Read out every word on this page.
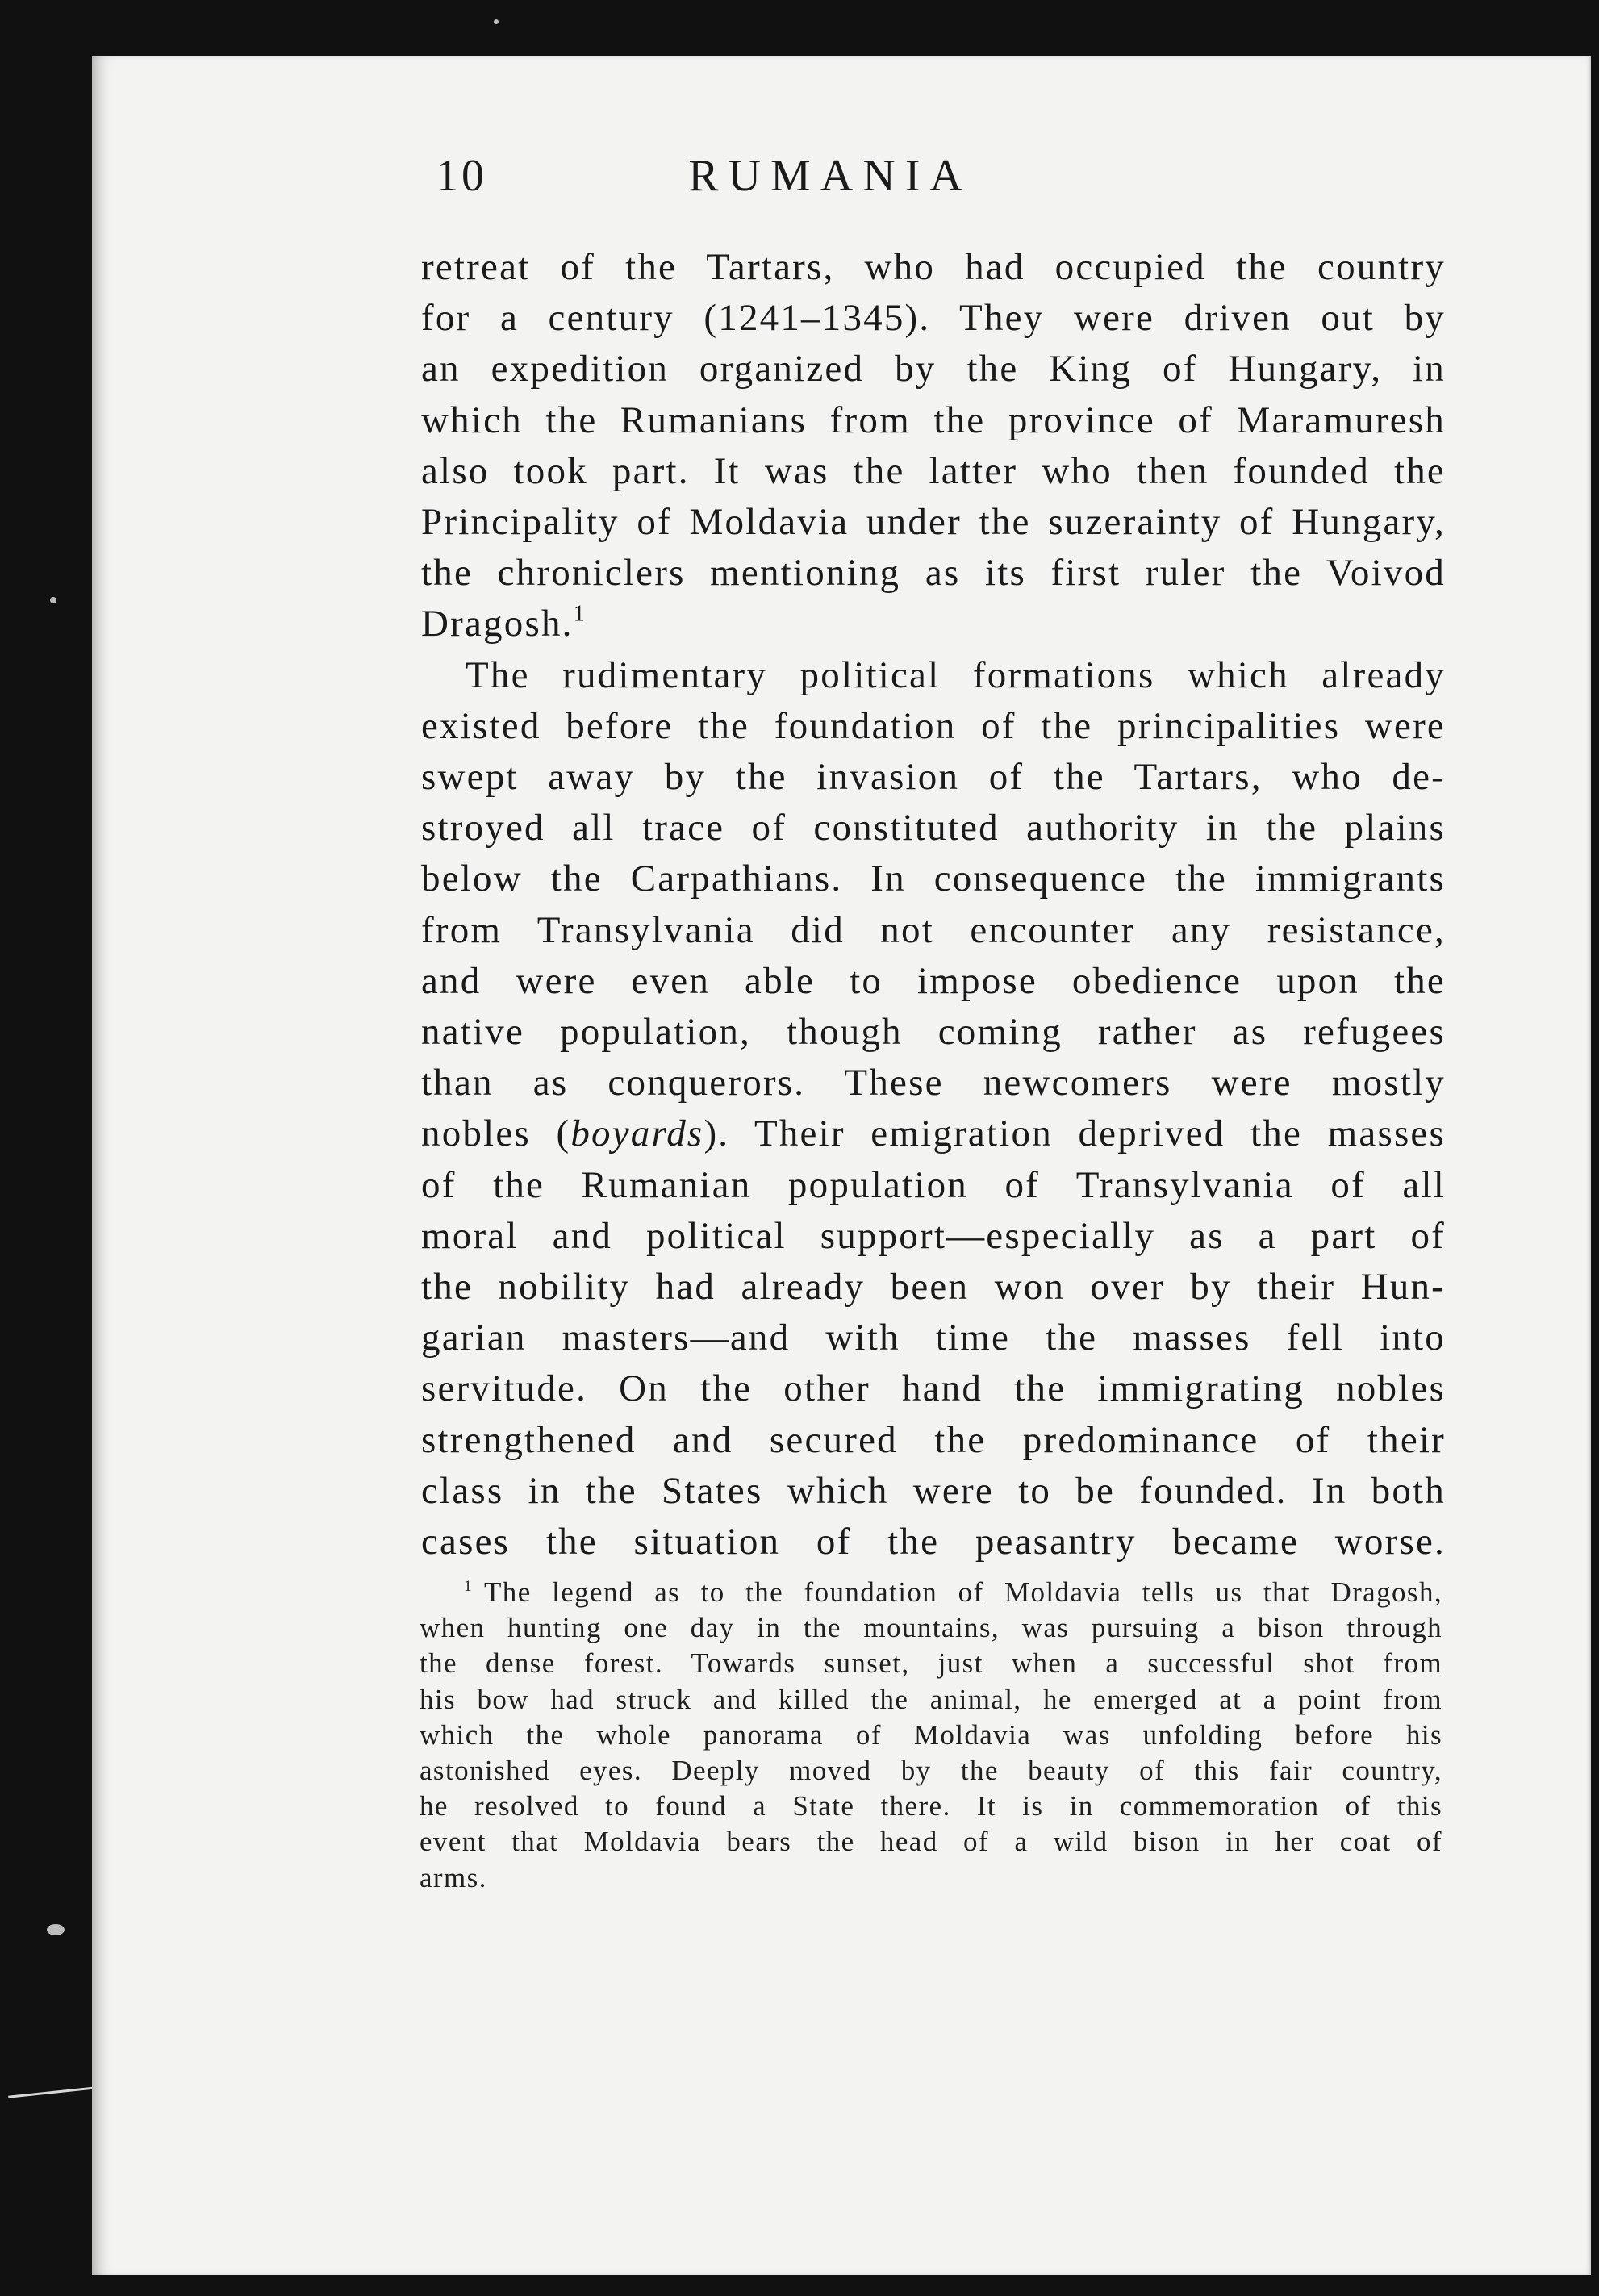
10	RUMANIA
retreat of the Tartars, who had occupied the country
for a century (1241–1345). They were driven out by
an expedition organized by the King of Hungary, in
which the Rumanians from the province of Maramuresh
also took part. It was the latter who then founded the
Principality of Moldavia under the suzerainty of Hungary,
the chroniclers mentioning as its first ruler the Voivod
Dragosh.$^1$
The rudimentary political formations which already
existed before the foundation of the principalities were
swept away by the invasion of the Tartars, who de-
stroyed all trace of constituted authority in the plains
below the Carpathians. In consequence the immigrants
from Transylvania did not encounter any resistance,
and were even able to impose obedience upon the
native population, though coming rather as refugees
than as conquerors. These newcomers were mostly
nobles (boyards). Their emigration deprived the masses
of the Rumanian population of Transylvania of all
moral and political support—especially as a part of
the nobility had already been won over by their Hun-
garian masters—and with time the masses fell into
servitude. On the other hand the immigrating nobles
strengthened and secured the predominance of their
class in the States which were to be founded. In both
cases the situation of the peasantry became worse.
$^1$ The legend as to the foundation of Moldavia tells us that Dragosh,
when hunting one day in the mountains, was pursuing a bison through
the dense forest. Towards sunset, just when a successful shot from
his bow had struck and killed the animal, he emerged at a point from
which the whole panorama of Moldavia was unfolding before his
astonished eyes. Deeply moved by the beauty of this fair country,
he resolved to found a State there. It is in commemoration of this
event that Moldavia bears the head of a wild bison in her coat of
arms.
